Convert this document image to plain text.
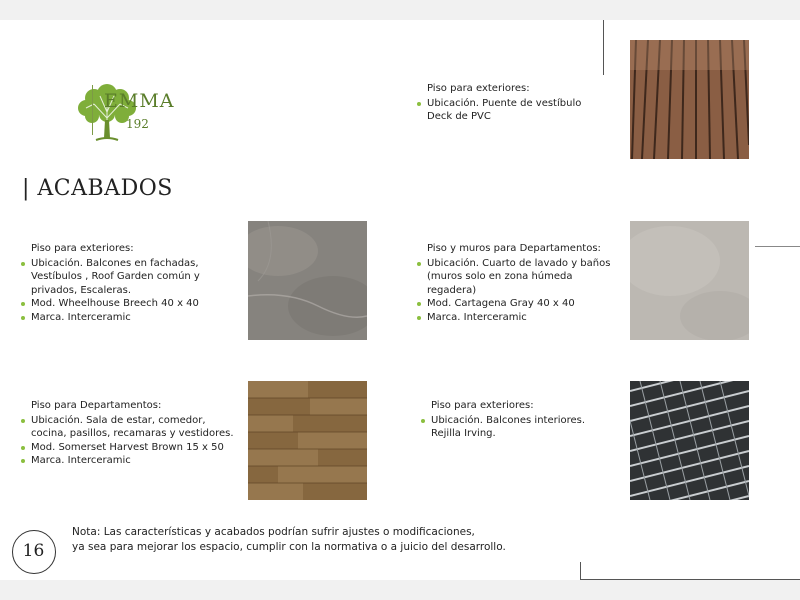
EMMA
192
| ACABADOS
Piso para exteriores:
Ubicación. Puente de vestíbulo
Deck de PVC
Piso para exteriores:
Ubicación. Balcones en fachadas, Vestíbulos , Roof Garden común y privados, Escaleras.
Mod. Wheelhouse Breech 40 x 40
Marca. Interceramic
Piso y muros para Departamentos:
Ubicación. Cuarto de lavado y baños (muros solo en zona húmeda regadera)
Mod. Cartagena Gray 40 x 40
Marca. Interceramic
Piso para Departamentos:
Ubicación. Sala de estar, comedor, cocina, pasillos, recamaras y vestidores.
Mod. Somerset Harvest Brown 15 x 50
Marca. Interceramic
Piso para exteriores:
Ubicación. Balcones interiores.
Rejilla Irving.
16
Nota: Las características y acabados podrían sufrir ajustes o modificaciones,
ya sea para mejorar los espacio, cumplir con la normativa o a juicio del desarrollo.
